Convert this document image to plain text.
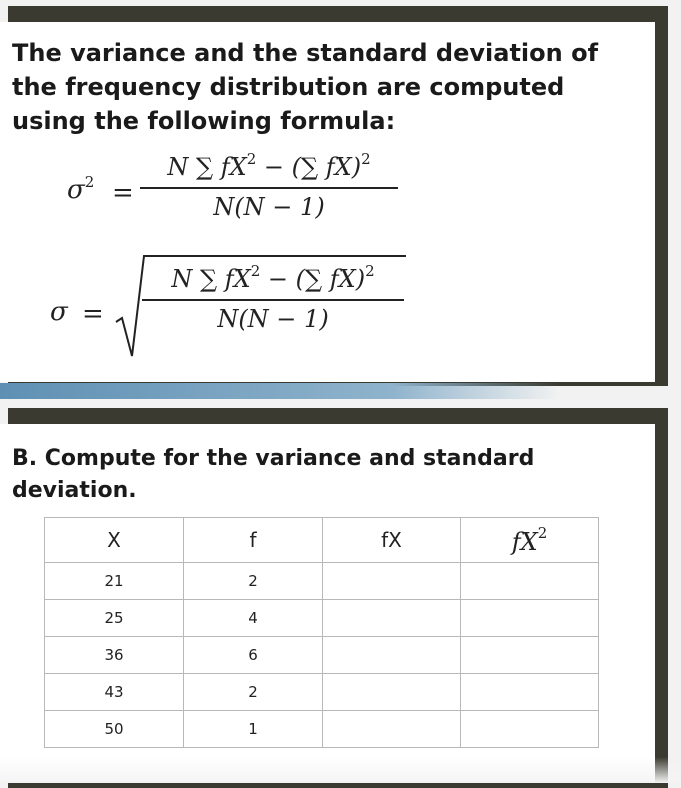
The variance and the standard deviation of the frequency distribution are computed using the following formula:

$\sigma^2$ =
N ∑ $fX^2$ − (∑ fX)$^2$
N(N − 1)
σ =
N ∑ $fX^2$ − (∑ fX)$^2$
N(N − 1)

B. Compute for the variance and standard deviation.

X	f	fX	$fX^2$
21	2		
25	4		
36	6		
43	2		
50	1		
